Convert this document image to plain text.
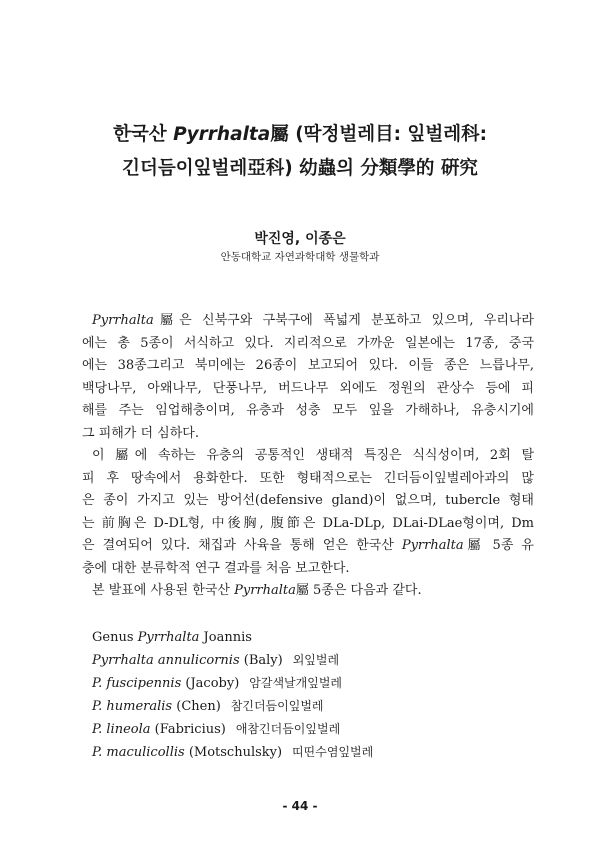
한국산 Pyrrhalta屬 (딱정벌레目: 잎벌레科:
긴더듬이잎벌레亞科) 幼蟲의 分類學的 硏究
박진영, 이종은
안동대학교 자연과학대학 생물학과
Pyrrhalta屬은 신북구와 구북구에 폭넓게 분포하고 있으며, 우리나라
에는 총 5종이 서식하고 있다. 지리적으로 가까운 일본에는 17종, 중국
에는 38종그리고 북미에는 26종이 보고되어 있다. 이들 종은 느릅나무,
백당나무, 아왜나무, 단풍나무, 버드나무 외에도 정원의 관상수 등에 피
해를 주는 임업해충이며, 유충과 성충 모두 잎을 가해하나, 유충시기에
그 피해가 더 심하다.
이 屬에 속하는 유충의 공통적인 생태적 특징은 식식성이며, 2회 탈
피 후 땅속에서 용화한다. 또한 형태적으로는 긴더듬이잎벌레아과의 많
은 종이 가지고 있는 방어선(defensive gland)이 없으며, tubercle 형태
는 前胸은 D-DL형, 中後胸, 腹節은 DLa-DLp, DLai-DLae형이며, Dm
은 결여되어 있다. 채집과 사육을 통해 얻은 한국산 Pyrrhalta屬 5종 유
충에 대한 분류학적 연구 결과를 처음 보고한다.
본 발표에 사용된 한국산 Pyrrhalta屬 5종은 다음과 같다.
Genus Pyrrhalta Joannis
Pyrrhalta annulicornis (Baly) 외잎벌레
P. fuscipennis (Jacoby) 암갈색날개잎벌레
P. humeralis (Chen) 참긴더듬이잎벌레
P. lineola (Fabricius) 애참긴더듬이잎벌레
P. maculicollis (Motschulsky) 띠띤수염잎벌레
- 44 -
